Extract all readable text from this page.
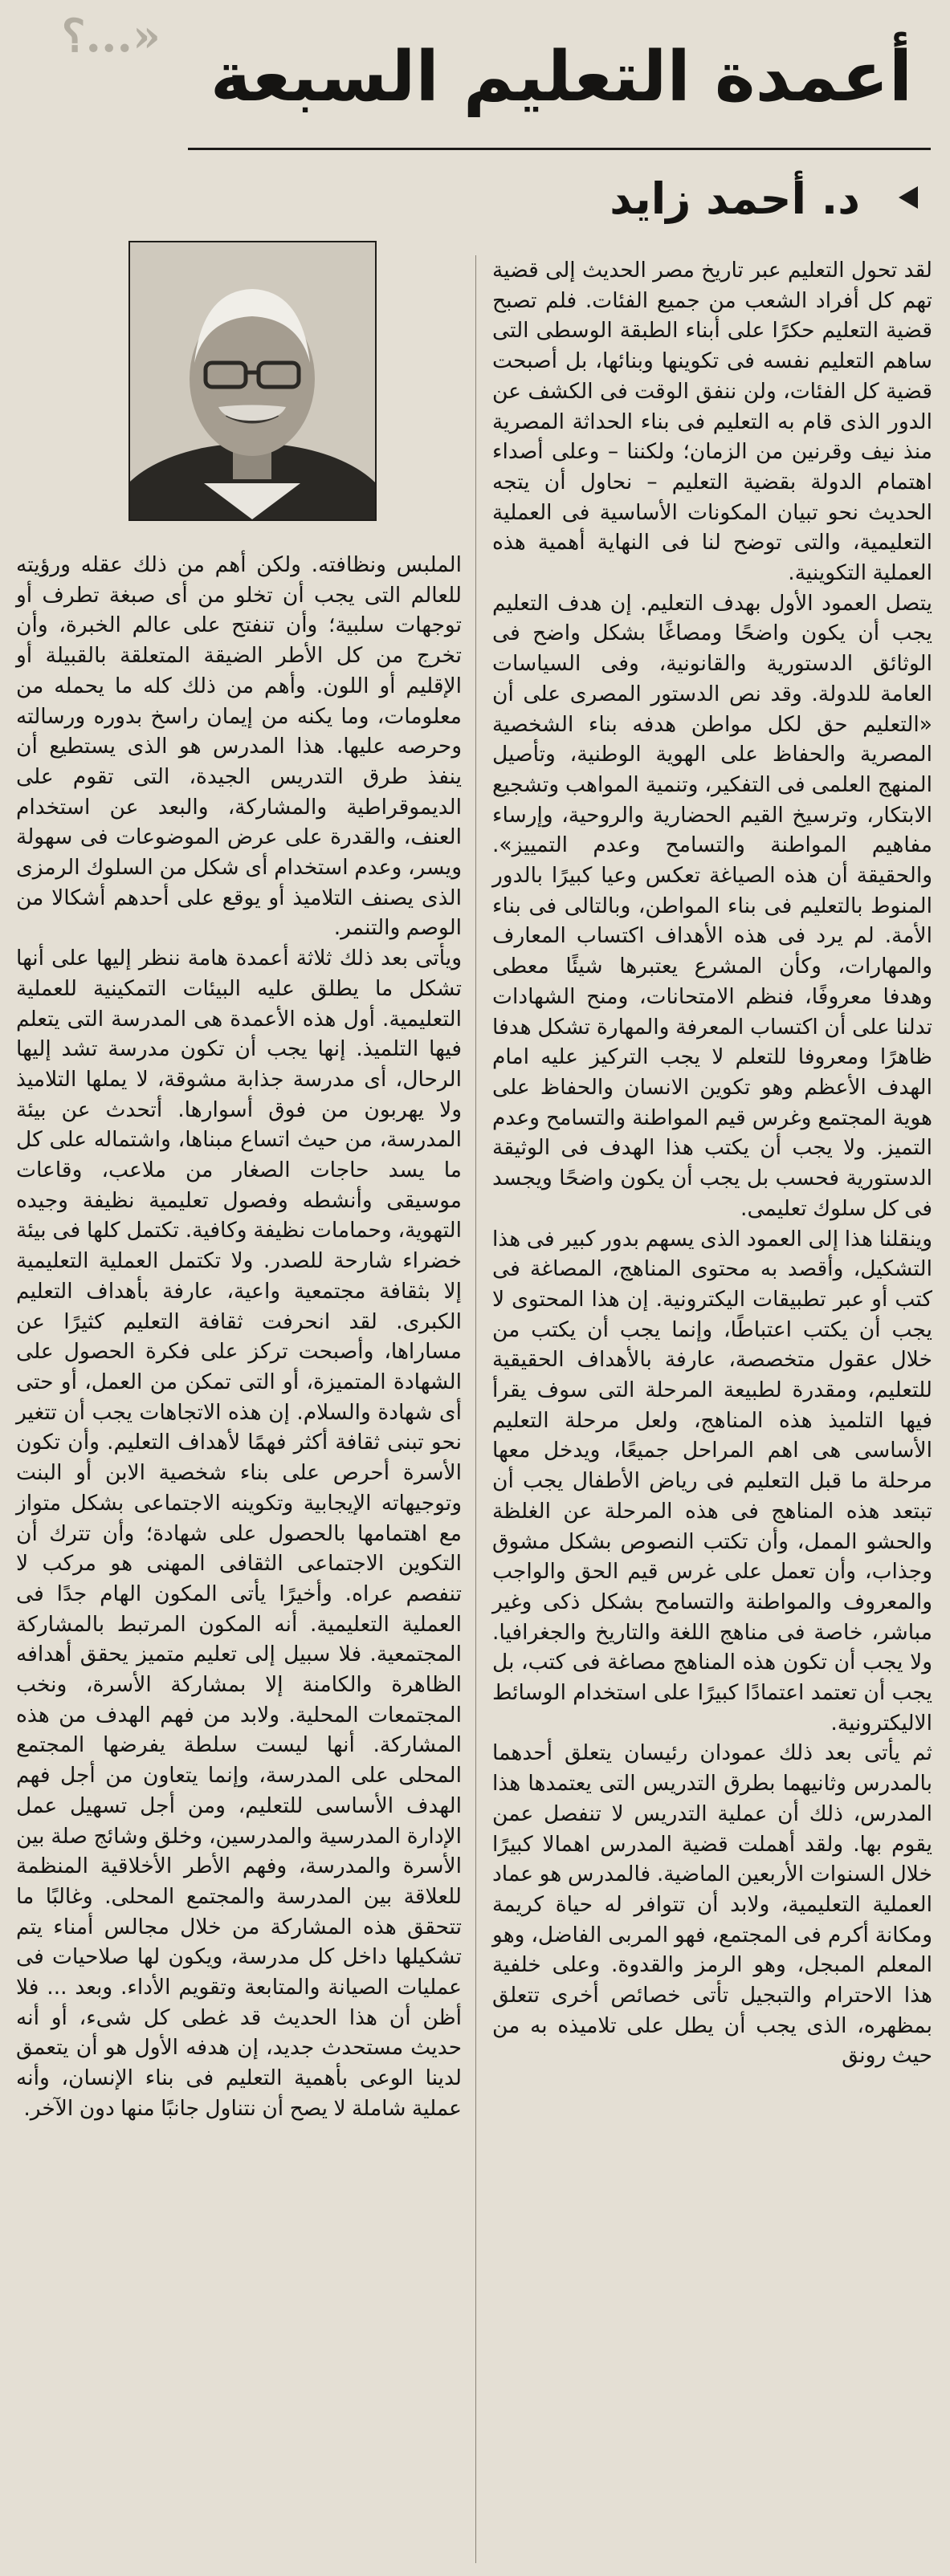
«...؟
أعمدة التعليم السبعة
د. أحمد زايد

لقد تحول التعليم عبر تاريخ مصر الحديث إلى قضية تهم كل أفراد الشعب من جميع الفئات. فلم تصبح قضية التعليم حكرًا على أبناء الطبقة الوسطى التى ساهم التعليم نفسه فى تكوينها وبنائها، بل أصبحت قضية كل الفئات، ولن ننفق الوقت فى الكشف عن الدور الذى قام به التعليم فى بناء الحداثة المصرية منذ نيف وقرنين من الزمان؛ ولكننا – وعلى أصداء اهتمام الدولة بقضية التعليم – نحاول أن يتجه الحديث نحو تبيان المكونات الأساسية فى العملية التعليمية، والتى توضح لنا فى النهاية أهمية هذه العملية التكوينية.

يتصل العمود الأول بهدف التعليم. إن هدف التعليم يجب أن يكون واضحًا ومصاغًا بشكل واضح فى الوثائق الدستورية والقانونية، وفى السياسات العامة للدولة. وقد نص الدستور المصرى على أن «التعليم حق لكل مواطن هدفه بناء الشخصية المصرية والحفاظ على الهوية الوطنية، وتأصيل المنهج العلمى فى التفكير، وتنمية المواهب وتشجيع الابتكار، وترسيخ القيم الحضارية والروحية، وإرساء مفاهيم المواطنة والتسامح وعدم التمييز». والحقيقة أن هذه الصياغة تعكس وعيا كبيرًا بالدور المنوط بالتعليم فى بناء المواطن، وبالتالى فى بناء الأمة. لم يرد فى هذه الأهداف اكتساب المعارف والمهارات، وكأن المشرع يعتبرها شيئًا معطى وهدفا معروفًا، فنظم الامتحانات، ومنح الشهادات تدلنا على أن اكتساب المعرفة والمهارة تشكل هدفا ظاهرًا ومعروفا للتعلم لا يجب التركيز عليه امام الهدف الأعظم وهو تكوين الانسان والحفاظ على هوية المجتمع وغرس قيم المواطنة والتسامح وعدم التميز. ولا يجب أن يكتب هذا الهدف فى الوثيقة الدستورية فحسب بل يجب أن يكون واضحًا ويجسد فى كل سلوك تعليمى.

وينقلنا هذا إلى العمود الذى يسهم بدور كبير فى هذا التشكيل، وأقصد به محتوى المناهج، المصاغة فى كتب أو عبر تطبيقات اليكترونية. إن هذا المحتوى لا يجب أن يكتب اعتباطًا، وإنما يجب أن يكتب من خلال عقول متخصصة، عارفة بالأهداف الحقيقية للتعليم، ومقدرة لطبيعة المرحلة التى سوف يقرأ فيها التلميذ هذه المناهج، ولعل مرحلة التعليم الأساسى هى اهم المراحل جميعًا، ويدخل معها مرحلة ما قبل التعليم فى رياض الأطفال يجب أن تبتعد هذه المناهج فى هذه المرحلة عن الغلظة والحشو الممل، وأن تكتب النصوص بشكل مشوق وجذاب، وأن تعمل على غرس قيم الحق والواجب والمعروف والمواطنة والتسامح بشكل ذكى وغير مباشر، خاصة فى مناهج اللغة والتاريخ والجغرافيا. ولا يجب أن تكون هذه المناهج مصاغة فى كتب، بل يجب أن تعتمد اعتمادًا كبيرًا على استخدام الوسائط الاليكترونية.

ثم يأتى بعد ذلك عمودان رئيسان يتعلق أحدهما بالمدرس وثانيهما بطرق التدريس التى يعتمدها هذا المدرس، ذلك أن عملية التدريس لا تنفصل عمن يقوم بها. ولقد أهملت قضية المدرس اهمالا كبيرًا خلال السنوات الأربعين الماضية. فالمدرس هو عماد العملية التعليمية، ولابد أن تتوافر له حياة كريمة ومكانة أكرم فى المجتمع، فهو المربى الفاضل، وهو المعلم المبجل، وهو الرمز والقدوة. وعلى خلفية هذا الاحترام والتبجيل تأتى خصائص أخرى تتعلق بمظهره، الذى يجب أن يطل على تلاميذه به من حيث رونق

الملبس ونظافته. ولكن أهم من ذلك عقله ورؤيته للعالم التى يجب أن تخلو من أى صبغة تطرف أو توجهات سلبية؛ وأن تنفتح على عالم الخبرة، وأن تخرج من كل الأطر الضيقة المتعلقة بالقبيلة أو الإقليم أو اللون. وأهم من ذلك كله ما يحمله من معلومات، وما يكنه من إيمان راسخ بدوره ورسالته وحرصه عليها. هذا المدرس هو الذى يستطيع أن ينفذ طرق التدريس الجيدة، التى تقوم على الديموقراطية والمشاركة، والبعد عن استخدام العنف، والقدرة على عرض الموضوعات فى سهولة ويسر، وعدم استخدام أى شكل من السلوك الرمزى الذى يصنف التلاميذ أو يوقع على أحدهم أشكالا من الوصم والتنمر.

ويأتى بعد ذلك ثلاثة أعمدة هامة ننظر إليها على أنها تشكل ما يطلق عليه البيئات التمكينية للعملية التعليمية. أول هذه الأعمدة هى المدرسة التى يتعلم فيها التلميذ. إنها يجب أن تكون مدرسة تشد إليها الرحال، أى مدرسة جذابة مشوقة، لا يملها التلاميذ ولا يهربون من فوق أسوارها. أتحدث عن بيئة المدرسة، من حيث اتساع مبناها، واشتماله على كل ما يسد حاجات الصغار من ملاعب، وقاعات موسيقى وأنشطه وفصول تعليمية نظيفة وجيده التهوية، وحمامات نظيفة وكافية. تكتمل كلها فى بيئة خضراء شارحة للصدر. ولا تكتمل العملية التعليمية إلا بثقافة مجتمعية واعية، عارفة بأهداف التعليم الكبرى. لقد انحرفت ثقافة التعليم كثيرًا عن مساراها، وأصبحت تركز على فكرة الحصول على الشهادة المتميزة، أو التى تمكن من العمل، أو حتى أى شهادة والسلام. إن هذه الاتجاهات يجب أن تتغير نحو تبنى ثقافة أكثر فهمًا لأهداف التعليم. وأن تكون الأسرة أحرص على بناء شخصية الابن أو البنت وتوجيهاته الإيجابية وتكوينه الاجتماعى بشكل متواز مع اهتمامها بالحصول على شهادة؛ وأن تترك أن التكوين الاجتماعى الثقافى المهنى هو مركب لا تنفصم عراه. وأخيرًا يأتى المكون الهام جدًا فى العملية التعليمية. أنه المكون المرتبط بالمشاركة المجتمعية. فلا سبيل إلى تعليم متميز يحقق أهدافه الظاهرة والكامنة إلا بمشاركة الأسرة، ونخب المجتمعات المحلية. ولابد من فهم الهدف من هذه المشاركة. أنها ليست سلطة يفرضها المجتمع المحلى على المدرسة، وإنما يتعاون من أجل فهم الهدف الأساسى للتعليم، ومن أجل تسهيل عمل الإدارة المدرسية والمدرسين، وخلق وشائج صلة بين الأسرة والمدرسة، وفهم الأطر الأخلاقية المنظمة للعلاقة بين المدرسة والمجتمع المحلى. وغالبًا ما تتحقق هذه المشاركة من خلال مجالس أمناء يتم تشكيلها داخل كل مدرسة، ويكون لها صلاحيات فى عمليات الصيانة والمتابعة وتقويم الأداء. وبعد ... فلا أظن أن هذا الحديث قد غطى كل شىء، أو أنه حديث مستحدث جديد، إن هدفه الأول هو أن يتعمق لدينا الوعى بأهمية التعليم فى بناء الإنسان، وأنه عملية شاملة لا يصح أن نتناول جانبًا منها دون الآخر.
